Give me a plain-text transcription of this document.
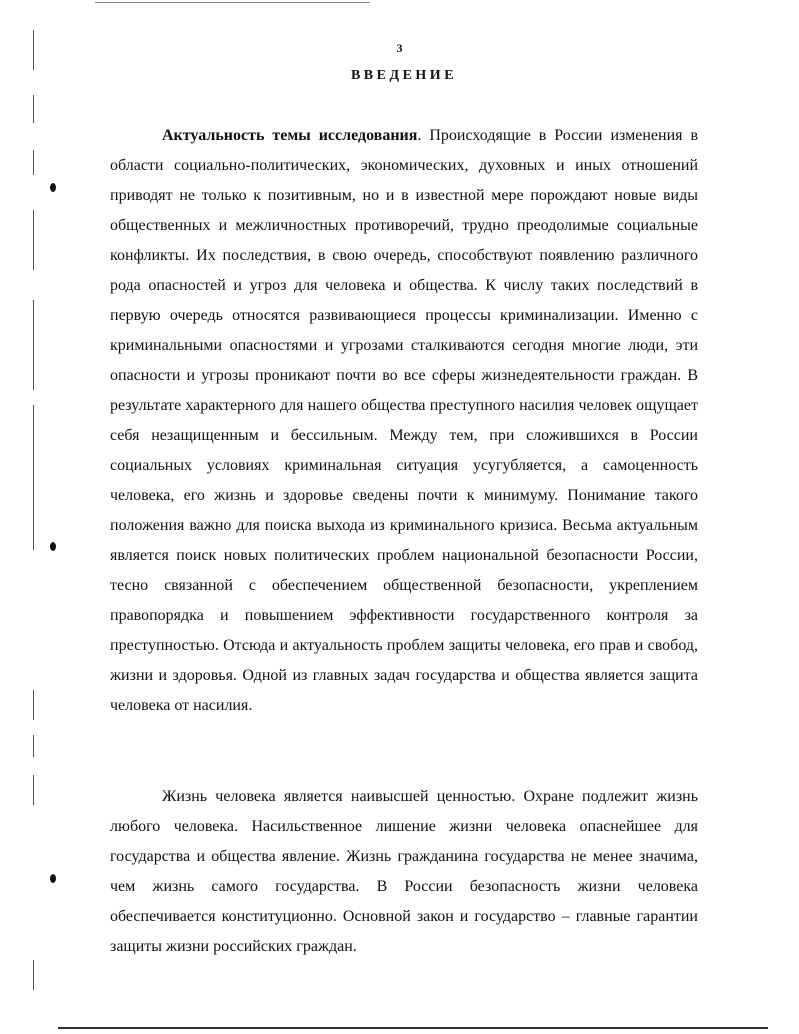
3

ВВЕДЕНИЕ

Актуальность темы исследования. Происходящие в России изменения в области социально-политических, экономических, духовных и иных отношений приводят не только к позитивным, но и в известной мере порождают новые виды общественных и межличностных противоречий, трудно преодолимые социальные конфликты. Их последствия, в свою очередь, способствуют появлению различного рода опасностей и угроз для человека и общества. К числу таких последствий в первую очередь относятся развивающиеся процессы криминализации. Именно с криминальными опасностями и угрозами сталкиваются сегодня многие люди, эти опасности и угрозы проникают почти во все сферы жизнедеятельности граждан. В результате характерного для нашего общества преступного насилия человек ощущает себя незащищенным и бессильным. Между тем, при сложившихся в России социальных условиях криминальная ситуация усугубляется, а самоценность человека, его жизнь и здоровье сведены почти к минимуму. Понимание такого положения важно для поиска выхода из криминального кризиса. Весьма актуальным является поиск новых политических проблем национальной безопасности России, тесно связанной с обеспечением общественной безопасности, укреплением правопорядка и повышением эффективности государственного контроля за преступностью. Отсюда и актуальность проблем защиты человека, его прав и свобод, жизни и здоровья. Одной из главных задач государства и общества является защита человека от насилия.

Жизнь человека является наивысшей ценностью. Охране подлежит жизнь любого человека. Насильственное лишение жизни человека опаснейшее для государства и общества явление. Жизнь гражданина государства не менее значима, чем жизнь самого государства. В России безопасность жизни человека обеспечивается конституционно. Основной закон и государство – главные гарантии защиты жизни российских граждан.
